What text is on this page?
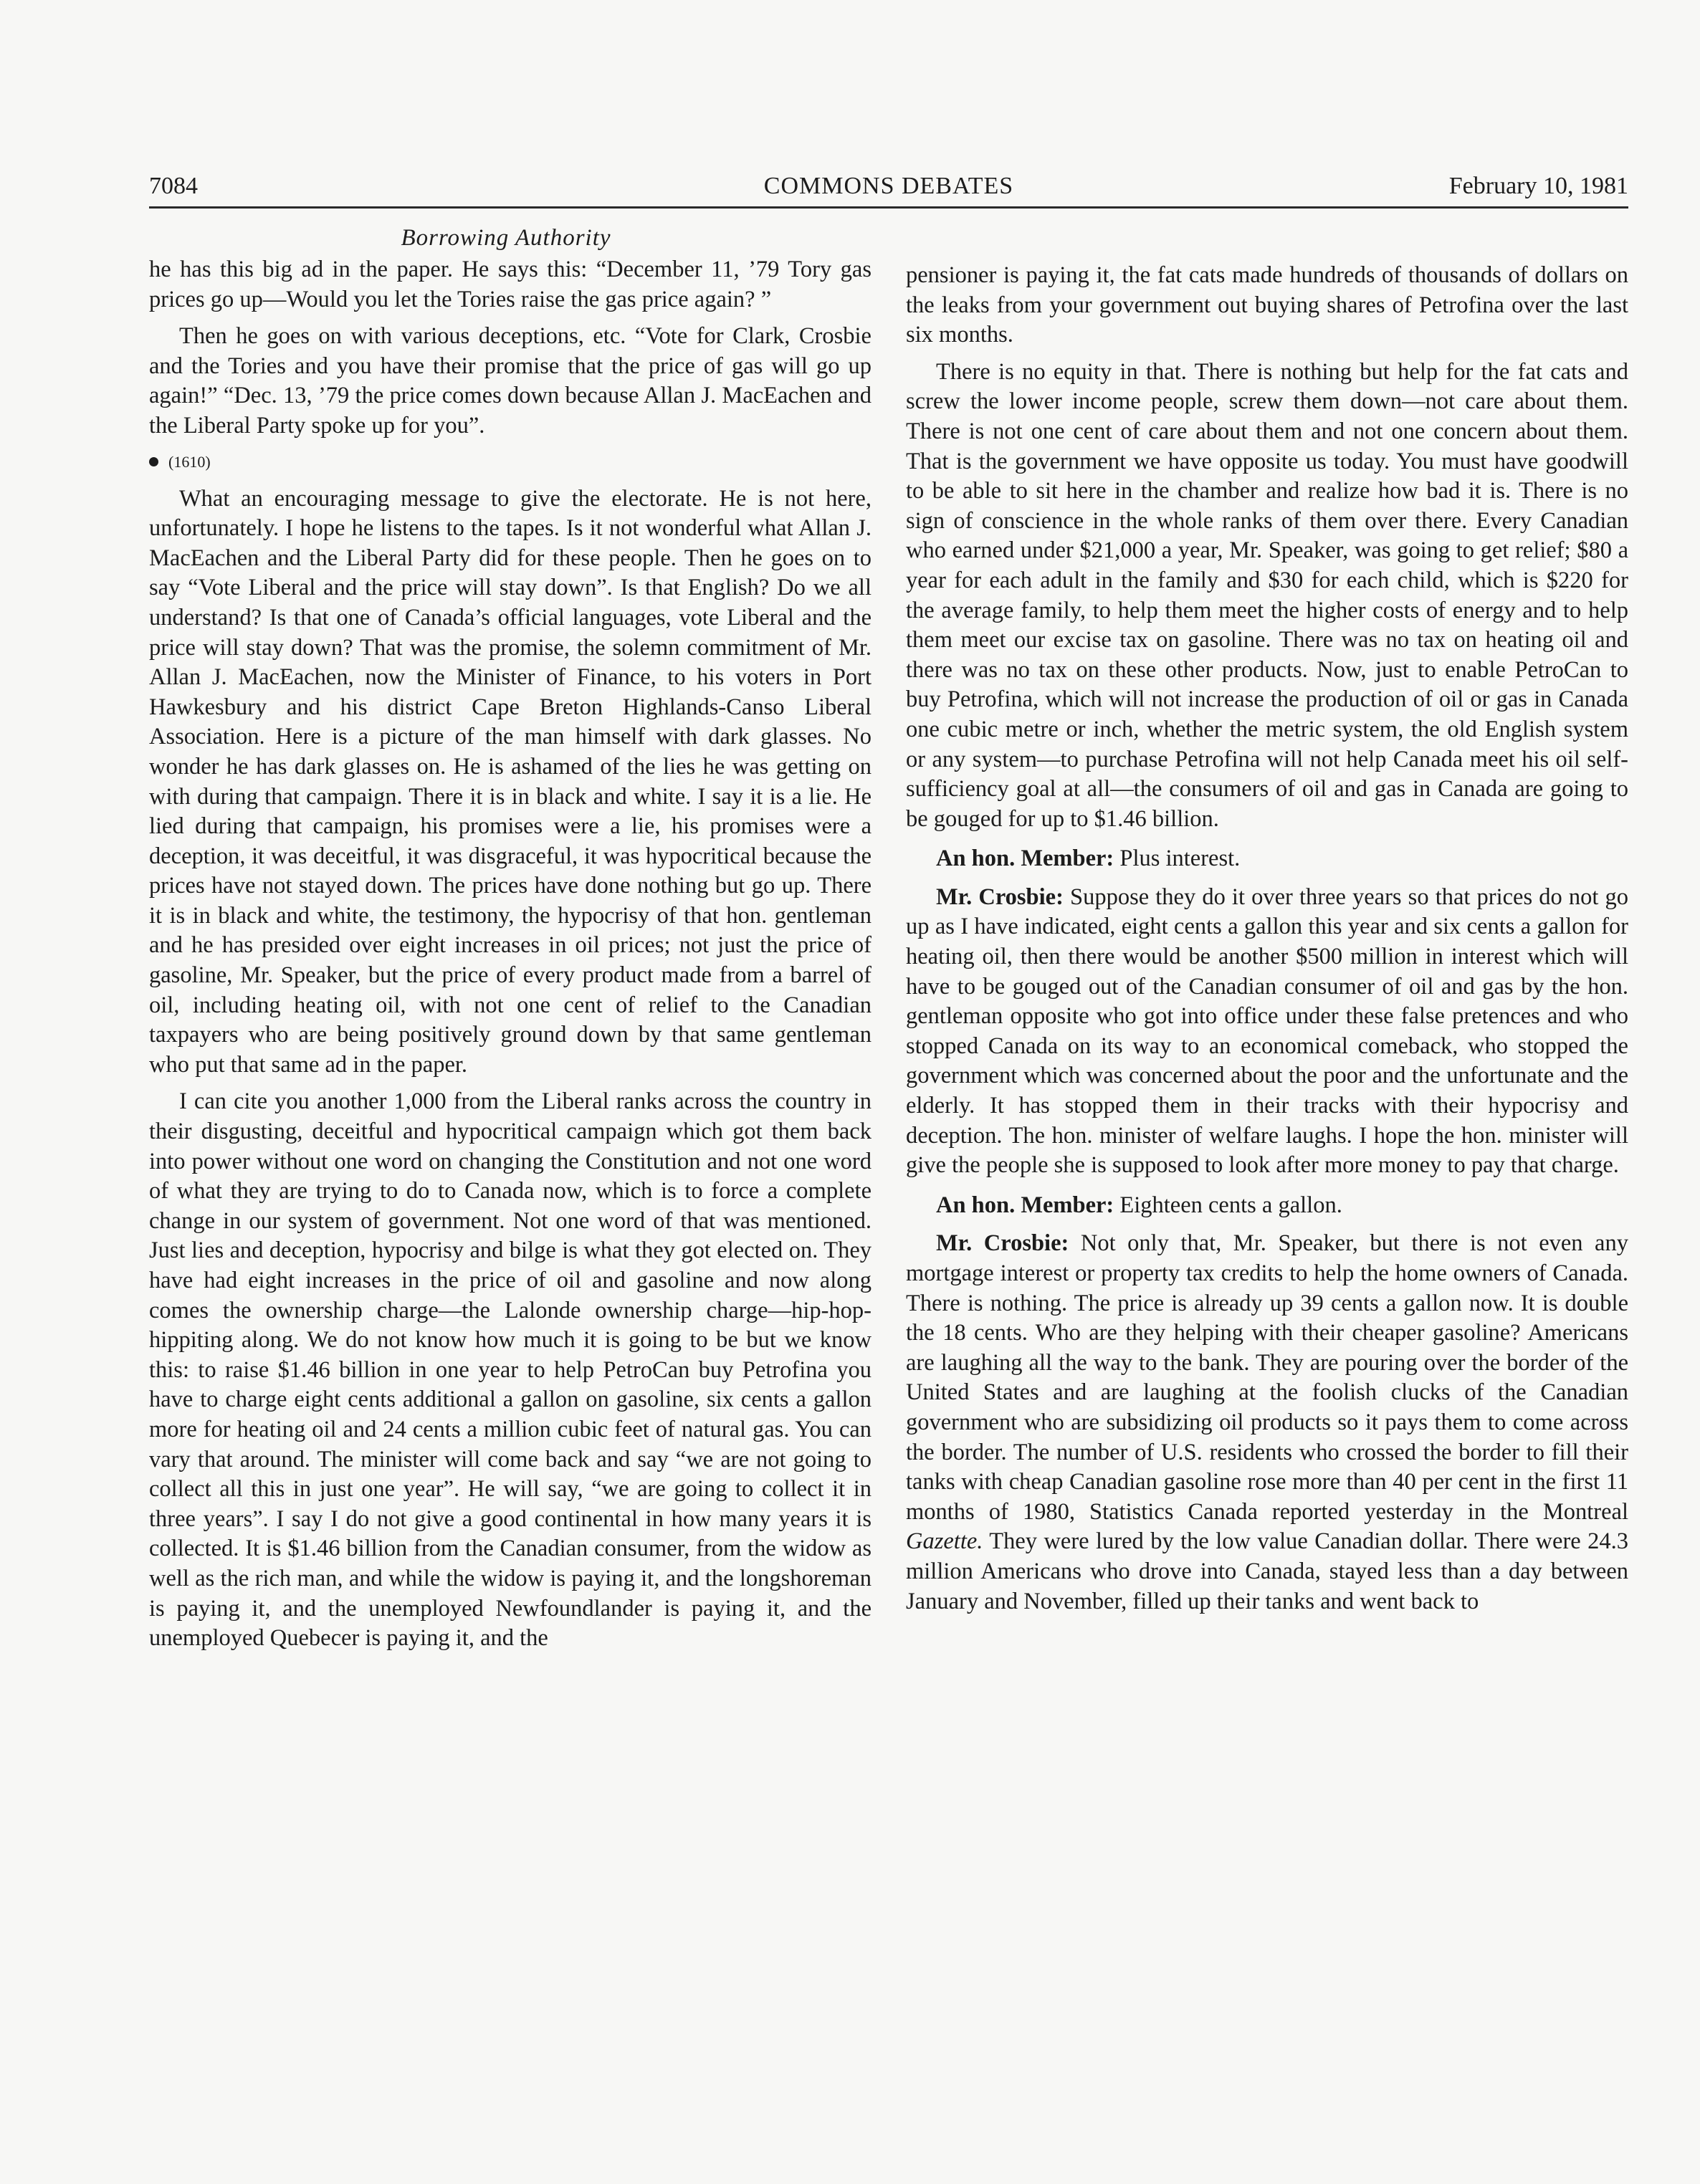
7084	COMMONS DEBATES	February 10, 1981
Borrowing Authority

he has this big ad in the paper. He says this: “December 11, ’79 Tory gas prices go up—Would you let the Tories raise the gas price again? ”

Then he goes on with various deceptions, etc. “Vote for Clark, Crosbie and the Tories and you have their promise that the price of gas will go up again!” “Dec. 13, ’79 the price comes down because Allan J. MacEachen and the Liberal Party spoke up for you”.

(1610)

What an encouraging message to give the electorate. He is not here, unfortunately. I hope he listens to the tapes. Is it not wonderful what Allan J. MacEachen and the Liberal Party did for these people. Then he goes on to say “Vote Liberal and the price will stay down”. Is that English? Do we all understand? Is that one of Canada’s official languages, vote Liberal and the price will stay down? That was the promise, the solemn commitment of Mr. Allan J. MacEachen, now the Minister of Finance, to his voters in Port Hawkesbury and his district Cape Breton Highlands-Canso Liberal Association. Here is a picture of the man himself with dark glasses. No wonder he has dark glasses on. He is ashamed of the lies he was getting on with during that campaign. There it is in black and white. I say it is a lie. He lied during that campaign, his promises were a lie, his promises were a deception, it was deceitful, it was disgraceful, it was hypocritical because the prices have not stayed down. The prices have done nothing but go up. There it is in black and white, the testimony, the hypocrisy of that hon. gentleman and he has presided over eight increases in oil prices; not just the price of gasoline, Mr. Speaker, but the price of every product made from a barrel of oil, including heating oil, with not one cent of relief to the Canadian taxpayers who are being positively ground down by that same gentleman who put that same ad in the paper.

I can cite you another 1,000 from the Liberal ranks across the country in their disgusting, deceitful and hypocritical campaign which got them back into power without one word on changing the Constitution and not one word of what they are trying to do to Canada now, which is to force a complete change in our system of government. Not one word of that was mentioned. Just lies and deception, hypocrisy and bilge is what they got elected on. They have had eight increases in the price of oil and gasoline and now along comes the ownership charge—the Lalonde ownership charge—hip-hop-hippiting along. We do not know how much it is going to be but we know this: to raise $1.46 billion in one year to help PetroCan buy Petrofina you have to charge eight cents additional a gallon on gasoline, six cents a gallon more for heating oil and 24 cents a million cubic feet of natural gas. You can vary that around. The minister will come back and say “we are not going to collect all this in just one year”. He will say, “we are going to collect it in three years”. I say I do not give a good continental in how many years it is collected. It is $1.46 billion from the Canadian consumer, from the widow as well as the rich man, and while the widow is paying it, and the longshoreman is paying it, and the unemployed Newfoundlander is paying it, and the unemployed Quebecer is paying it, and the

pensioner is paying it, the fat cats made hundreds of thousands of dollars on the leaks from your government out buying shares of Petrofina over the last six months.

There is no equity in that. There is nothing but help for the fat cats and screw the lower income people, screw them down—not care about them. There is not one cent of care about them and not one concern about them. That is the government we have opposite us today. You must have goodwill to be able to sit here in the chamber and realize how bad it is. There is no sign of conscience in the whole ranks of them over there. Every Canadian who earned under $21,000 a year, Mr. Speaker, was going to get relief; $80 a year for each adult in the family and $30 for each child, which is $220 for the average family, to help them meet the higher costs of energy and to help them meet our excise tax on gasoline. There was no tax on heating oil and there was no tax on these other products. Now, just to enable PetroCan to buy Petrofina, which will not increase the production of oil or gas in Canada one cubic metre or inch, whether the metric system, the old English system or any system—to purchase Petrofina will not help Canada meet his oil self-sufficiency goal at all—the consumers of oil and gas in Canada are going to be gouged for up to $1.46 billion.

An hon. Member: Plus interest.

Mr. Crosbie: Suppose they do it over three years so that prices do not go up as I have indicated, eight cents a gallon this year and six cents a gallon for heating oil, then there would be another $500 million in interest which will have to be gouged out of the Canadian consumer of oil and gas by the hon. gentleman opposite who got into office under these false pretences and who stopped Canada on its way to an economical comeback, who stopped the government which was concerned about the poor and the unfortunate and the elderly. It has stopped them in their tracks with their hypocrisy and deception. The hon. minister of welfare laughs. I hope the hon. minister will give the people she is supposed to look after more money to pay that charge.

An hon. Member: Eighteen cents a gallon.

Mr. Crosbie: Not only that, Mr. Speaker, but there is not even any mortgage interest or property tax credits to help the home owners of Canada. There is nothing. The price is already up 39 cents a gallon now. It is double the 18 cents. Who are they helping with their cheaper gasoline? Americans are laughing all the way to the bank. They are pouring over the border of the United States and are laughing at the foolish clucks of the Canadian government who are subsidizing oil products so it pays them to come across the border. The number of U.S. residents who crossed the border to fill their tanks with cheap Canadian gasoline rose more than 40 per cent in the first 11 months of 1980, Statistics Canada reported yesterday in the Montreal Gazette. They were lured by the low value Canadian dollar. There were 24.3 million Americans who drove into Canada, stayed less than a day between January and November, filled up their tanks and went back to
